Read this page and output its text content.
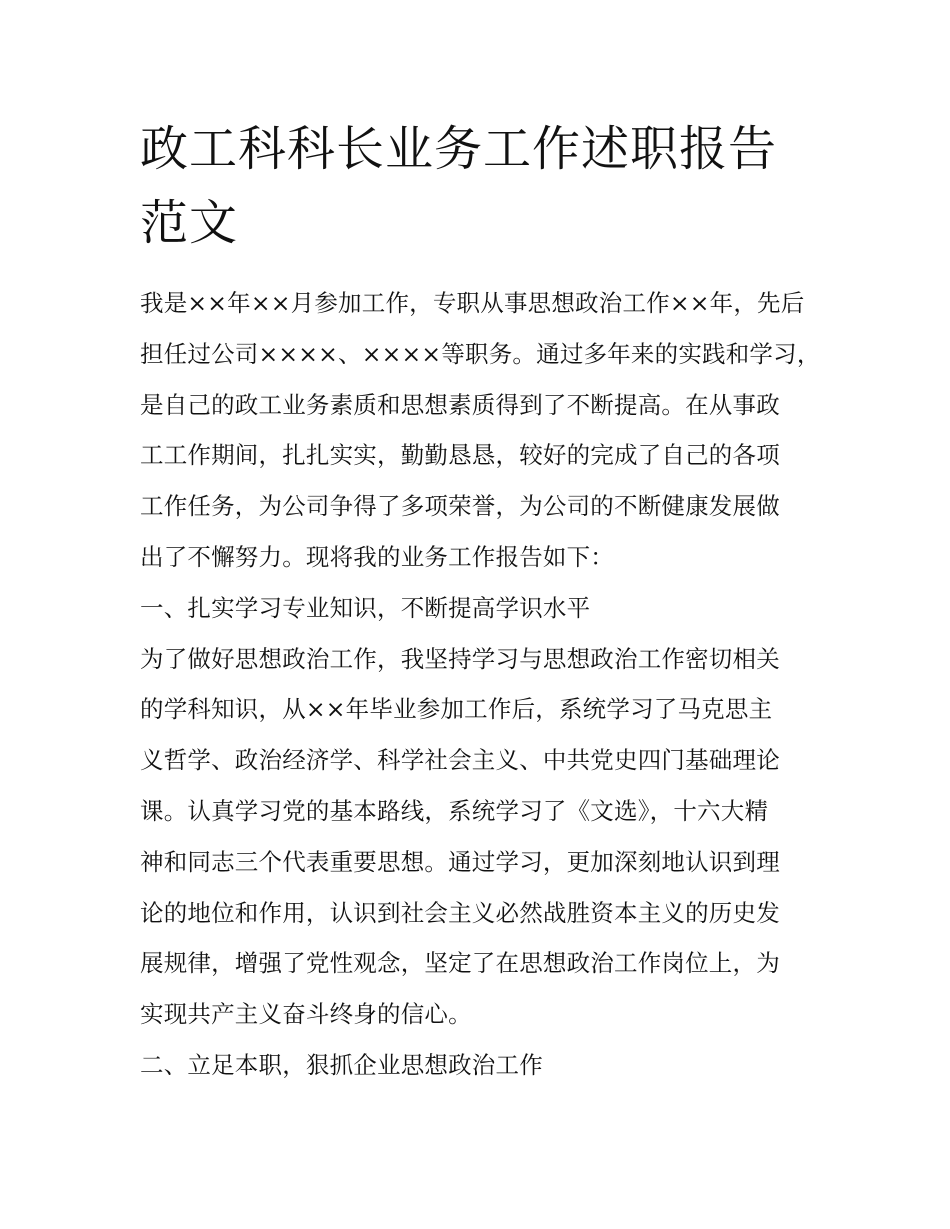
政工科科长业务工作述职报告
范文
我是××年××月参加工作，专职从事思想政治工作××年，先后
担任过公司××××、××××等职务。通过多年来的实践和学习，
是自己的政工业务素质和思想素质得到了不断提高。在从事政
工工作期间，扎扎实实，勤勤恳恳，较好的完成了自己的各项
工作任务，为公司争得了多项荣誉，为公司的不断健康发展做
出了不懈努力。现将我的业务工作报告如下：
一、扎实学习专业知识，不断提高学识水平
为了做好思想政治工作，我坚持学习与思想政治工作密切相关
的学科知识，从××年毕业参加工作后，系统学习了马克思主
义哲学、政治经济学、科学社会主义、中共党史四门基础理论
课。认真学习党的基本路线，系统学习了《文选》，十六大精
神和同志三个代表重要思想。通过学习，更加深刻地认识到理
论的地位和作用，认识到社会主义必然战胜资本主义的历史发
展规律，增强了党性观念，坚定了在思想政治工作岗位上，为
实现共产主义奋斗终身的信心。
二、立足本职，狠抓企业思想政治工作
